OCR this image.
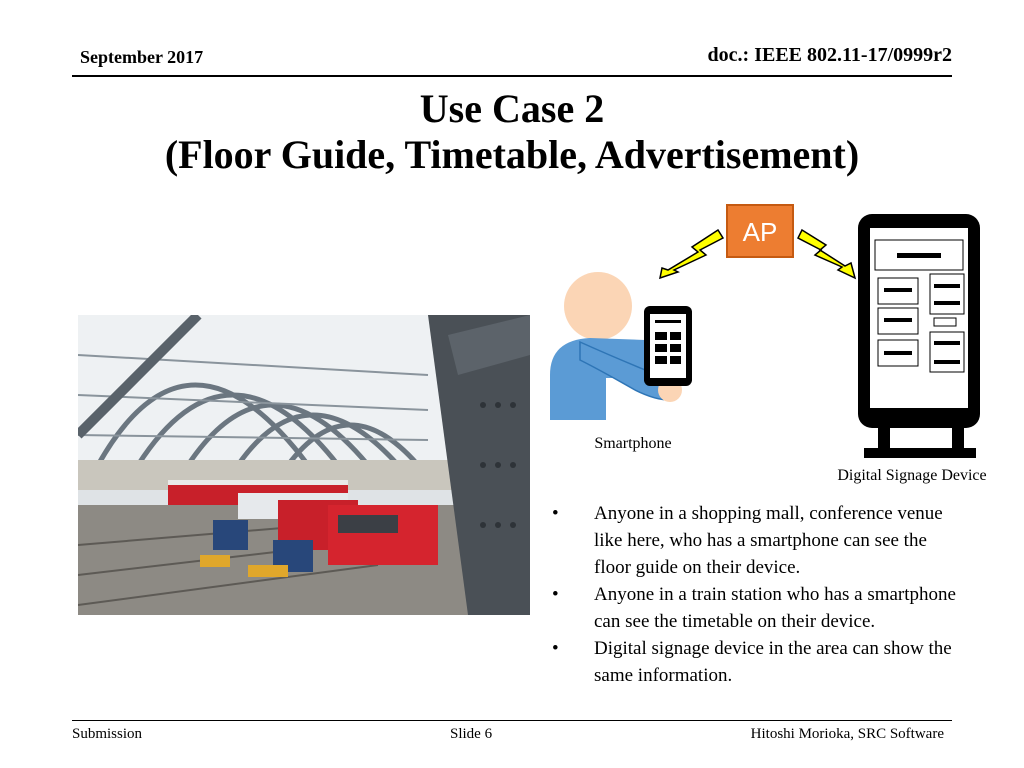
September 2017	doc.: IEEE 802.11-17/0999r2
Use Case 2
(Floor Guide, Timetable, Advertisement)
AP
Smartphone
Digital Signage Device
• Anyone in a shopping mall, conference venue like here, who has a smartphone can see the floor guide on their device.
• Anyone in a train station who has a smartphone can see the timetable on their device.
• Digital signage device in the area can show the same information.
Submission	Slide 6	Hitoshi Morioka, SRC Software
